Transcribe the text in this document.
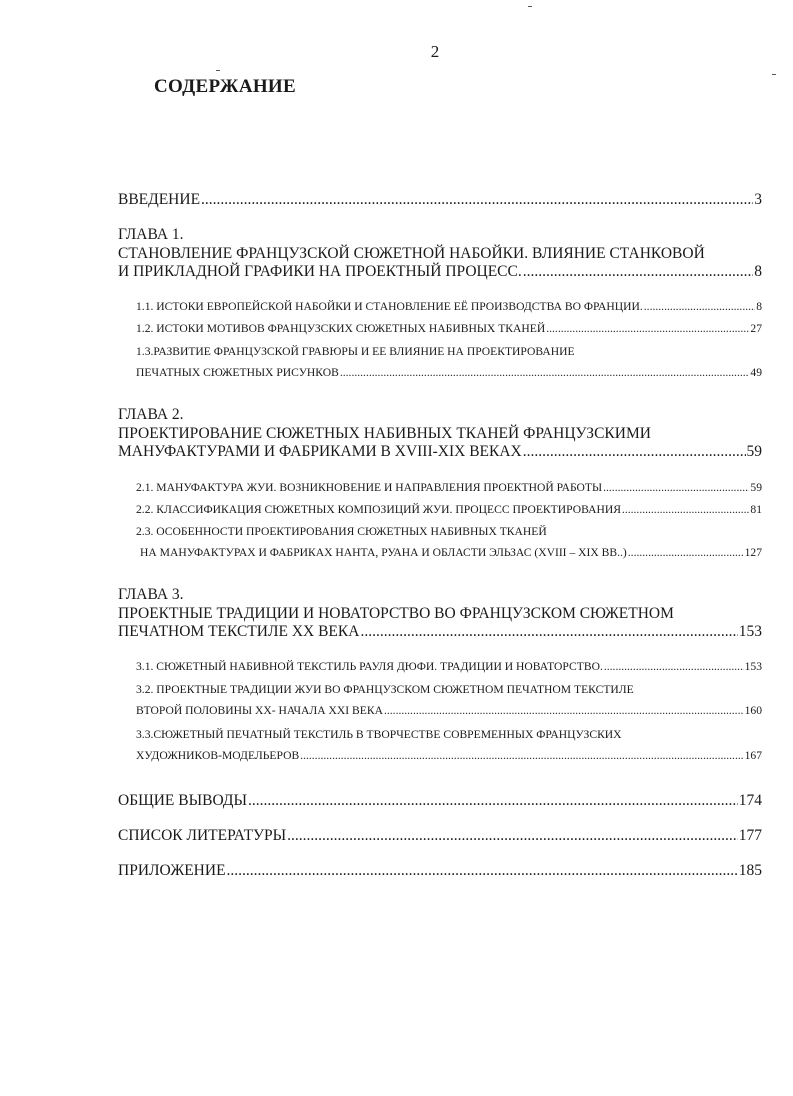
2
СОДЕРЖАНИЕ
ВВЕДЕНИЕ .....	3
ГЛАВА 1.
СТАНОВЛЕНИЕ ФРАНЦУЗСКОЙ СЮЖЕТНОЙ НАБОЙКИ. ВЛИЯНИЕ СТАНКОВОЙ
И ПРИКЛАДНОЙ ГРАФИКИ НА ПРОЕКТНЫЙ ПРОЦЕСС. .....	8
1.1. ИСТОКИ ЕВРОПЕЙСКОЙ НАБОЙКИ И СТАНОВЛЕНИЕ ЕЁ ПРОИЗВОДСТВА ВО ФРАНЦИИ. .....	8
1.2. ИСТОКИ МОТИВОВ ФРАНЦУЗСКИХ СЮЖЕТНЫХ НАБИВНЫХ ТКАНЕЙ .....	27
1.3.РАЗВИТИЕ ФРАНЦУЗСКОЙ ГРАВЮРЫ И ЕЕ ВЛИЯНИЕ НА ПРОЕКТИРОВАНИЕ
ПЕЧАТНЫХ СЮЖЕТНЫХ РИСУНКОВ .....	49
ГЛАВА 2.
ПРОЕКТИРОВАНИЕ СЮЖЕТНЫХ НАБИВНЫХ ТКАНЕЙ ФРАНЦУЗСКИМИ
МАНУФАКТУРАМИ И ФАБРИКАМИ В XVIII-XIX ВЕКАХ .....	59
2.1. МАНУФАКТУРА ЖУИ. ВОЗНИКНОВЕНИЕ И НАПРАВЛЕНИЯ ПРОЕКТНОЙ РАБОТЫ .....	59
2.2. КЛАССИФИКАЦИЯ СЮЖЕТНЫХ КОМПОЗИЦИЙ ЖУИ. ПРОЦЕСС ПРОЕКТИРОВАНИЯ .....	81
2.3. ОСОБЕННОСТИ ПРОЕКТИРОВАНИЯ СЮЖЕТНЫХ НАБИВНЫХ ТКАНЕЙ
НА МАНУФАКТУРАХ И ФАБРИКАХ НАНТА, РУАНА И ОБЛАСТИ ЭЛЬЗАС (XVIII – XIX ВВ..) .....	127
ГЛАВА 3.
ПРОЕКТНЫЕ ТРАДИЦИИ И НОВАТОРСТВО ВО ФРАНЦУЗСКОМ СЮЖЕТНОМ
ПЕЧАТНОМ ТЕКСТИЛЕ XX ВЕКА .....	153
3.1. СЮЖЕТНЫЙ НАБИВНОЙ ТЕКСТИЛЬ РАУЛЯ ДЮФИ. ТРАДИЦИИ И НОВАТОРСТВО. .....	153
3.2. ПРОЕКТНЫЕ ТРАДИЦИИ ЖУИ ВО ФРАНЦУЗСКОМ СЮЖЕТНОМ ПЕЧАТНОМ ТЕКСТИЛЕ
ВТОРОЙ ПОЛОВИНЫ XX- НАЧАЛА XXI ВЕКА .....	160
3.3.СЮЖЕТНЫЙ ПЕЧАТНЫЙ ТЕКСТИЛЬ В ТВОРЧЕСТВЕ СОВРЕМЕННЫХ ФРАНЦУЗСКИХ
ХУДОЖНИКОВ-МОДЕЛЬЕРОВ .....	167
ОБЩИЕ ВЫВОДЫ .....	174
СПИСОК ЛИТЕРАТУРЫ .....	177
ПРИЛОЖЕНИЕ .....	185
